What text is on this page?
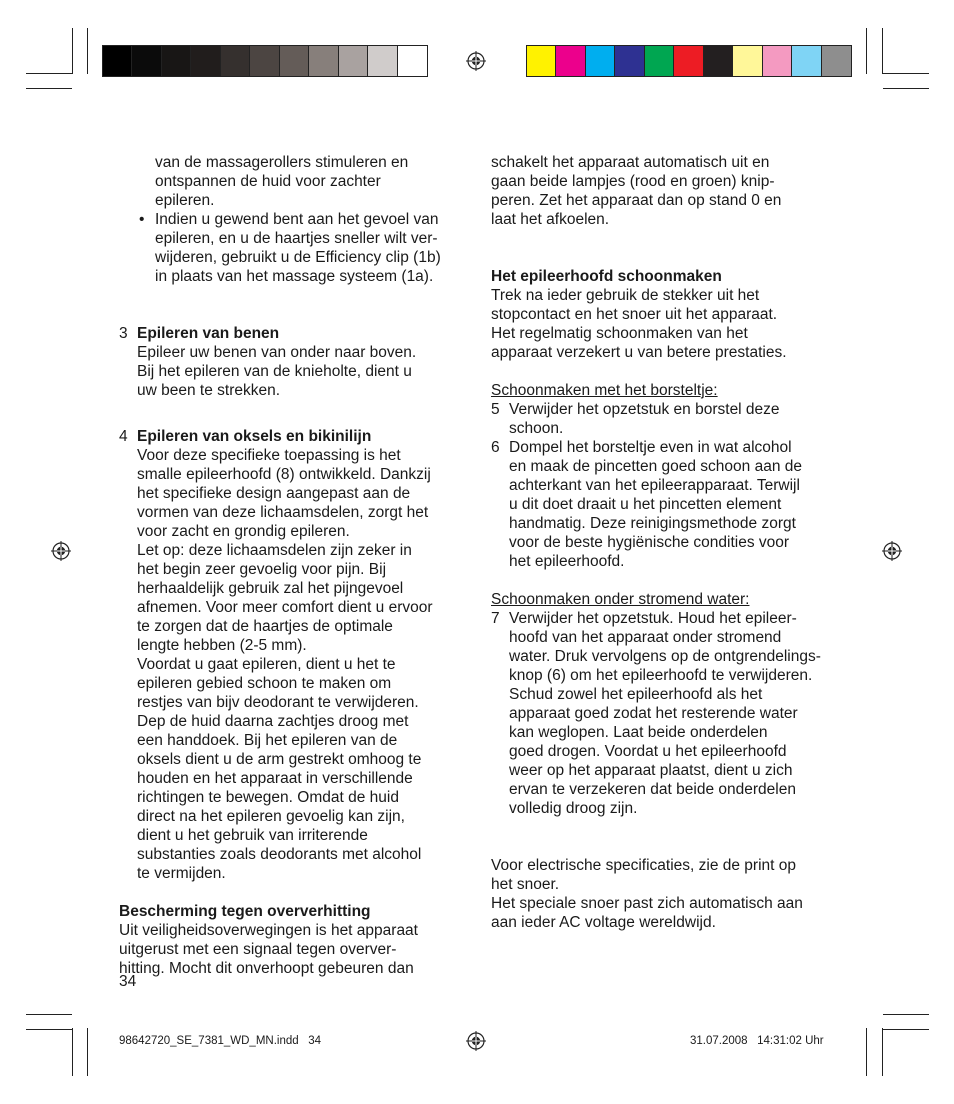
van de massagerollers stimuleren en

ontspannen de huid voor zachter

epileren.

• Indien u gewend bent aan het gevoel van

epileren, en u de haartjes sneller wilt ver-

wijderen, gebruikt u de Efficiency clip (1b)

in plaats van het massage systeem (1a).

3 Epileren van benen

Epileer uw benen van onder naar boven.

Bij het epileren van de knieholte, dient u

uw been te strekken.

4 Epileren van oksels en bikinilijn

Voor deze specifieke toepassing is het

smalle epileerhoofd (8) ontwikkeld. Dankzij

het specifieke design aangepast aan de

vormen van deze lichaamsdelen, zorgt het

voor zacht en grondig epileren.

Let op: deze lichaamsdelen zijn zeker in

het begin zeer gevoelig voor pijn. Bij

herhaaldelijk gebruik zal het pijngevoel

afnemen. Voor meer comfort dient u ervoor

te zorgen dat de haartjes de optimale

lengte hebben (2-5 mm).

Voordat u gaat epileren, dient u het te

epileren gebied schoon te maken om

restjes van bijv deodorant te verwijderen.

Dep de huid daarna zachtjes droog met

een handdoek. Bij het epileren van de

oksels dient u de arm gestrekt omhoog te

houden en het apparaat in verschillende

richtingen te bewegen. Omdat de huid

direct na het epileren gevoelig kan zijn,

dient u het gebruik van irriterende

substanties zoals deodorants met alcohol

te vermijden.

Bescherming tegen oververhitting

Uit veiligheidsoverwegingen is het apparaat

uitgerust met een signaal tegen overver-

hitting. Mocht dit onverhoopt gebeuren dan

34

schakelt het apparaat automatisch uit en

gaan beide lampjes (rood en groen) knip-

peren. Zet het apparaat dan op stand 0 en

laat het afkoelen.

Het epileerhoofd schoonmaken

Trek na ieder gebruik de stekker uit het

stopcontact en het snoer uit het apparaat.

Het regelmatig schoonmaken van het

apparaat verzekert u van betere prestaties.

Schoonmaken met het borsteltje:

5 Verwijder het opzetstuk en borstel deze

schoon.

6 Dompel het borsteltje even in wat alcohol

en maak de pincetten goed schoon aan de

achterkant van het epileerapparaat. Terwijl

u dit doet draait u het pincetten element

handmatig. Deze reinigingsmethode zorgt

voor de beste hygiënische condities voor

het epileerhoofd.

Schoonmaken onder stromend water:

7 Verwijder het opzetstuk. Houd het epileer-

hoofd van het apparaat onder stromend

water. Druk vervolgens op de ontgrendelings-

knop (6) om het epileerhoofd te verwijderen.

Schud zowel het epileerhoofd als het

apparaat goed zodat het resterende water

kan weglopen. Laat beide onderdelen

goed drogen. Voordat u het epileerhoofd

weer op het apparaat plaatst, dient u zich

ervan te verzekeren dat beide onderdelen

volledig droog zijn.

Voor electrische specificaties, zie de print op

het snoer.

Het speciale snoer past zich automatisch aan

aan ieder AC voltage wereldwijd.

98642720_SE_7381_WD_MN.indd   34	31.07.2008   14:31:02 Uhr
